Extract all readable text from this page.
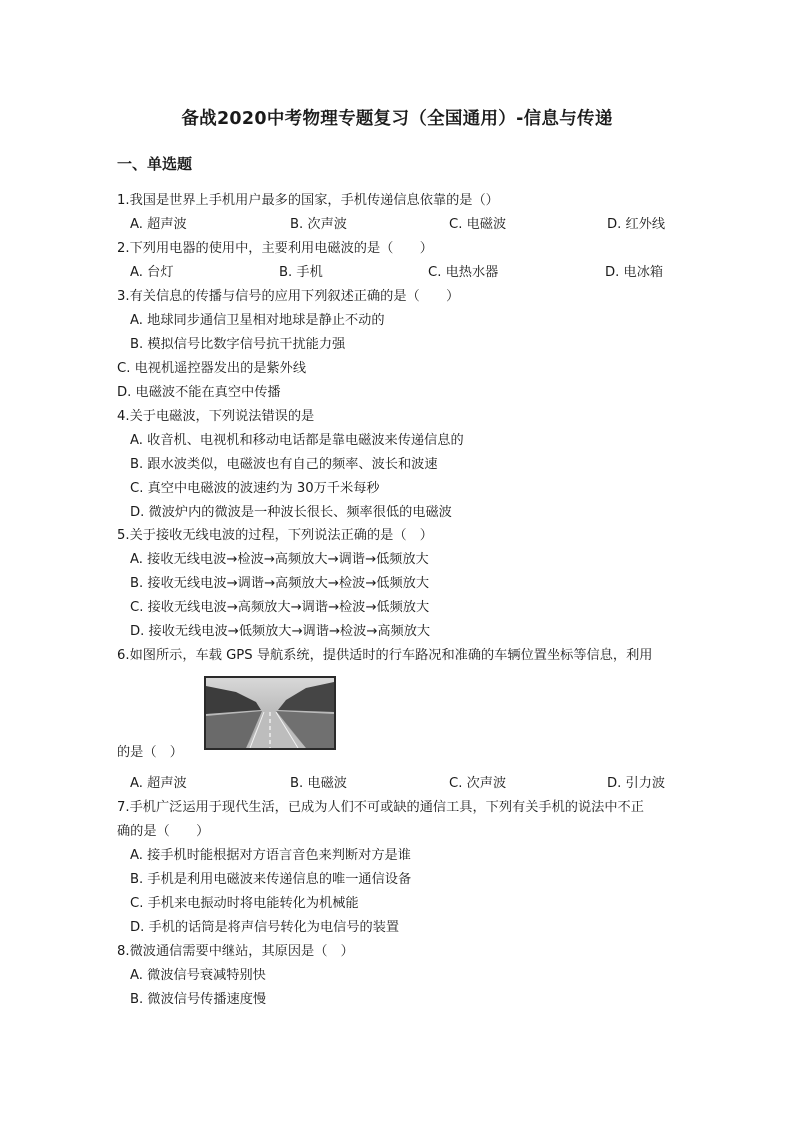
备战2020中考物理专题复习（全国通用）-信息与传递
一、单选题
1.我国是世界上手机用户最多的国家，手机传递信息依靠的是（）
A. 超声波	B. 次声波	C. 电磁波	D. 红外线
2.下列用电器的使用中，主要利用电磁波的是（　　）
A. 台灯	B. 手机	C. 电热水器	D. 电冰箱
3.有关信息的传播与信号的应用下列叙述正确的是（　　）
A. 地球同步通信卫星相对地球是静止不动的
B. 模拟信号比数字信号抗干扰能力强
C. 电视机遥控器发出的是紫外线
D. 电磁波不能在真空中传播
4.关于电磁波，下列说法错误的是
A. 收音机、电视机和移动电话都是靠电磁波来传递信息的
B. 跟水波类似，电磁波也有自己的频率、波长和波速
C. 真空中电磁波的波速约为 30万千米每秒
D. 微波炉内的微波是一种波长很长、频率很低的电磁波
5.关于接收无线电波的过程，下列说法正确的是（　）
A. 接收无线电波→检波→高频放大→调谐→低频放大
B. 接收无线电波→调谐→高频放大→检波→低频放大
C. 接收无线电波→高频放大→调谐→检波→低频放大
D. 接收无线电波→低频放大→调谐→检波→高频放大
6.如图所示，车载 GPS 导航系统，提供适时的行车路况和准确的车辆位置坐标等信息，利用
的是（　）
A. 超声波	B. 电磁波	C. 次声波	D. 引力波
7.手机广泛运用于现代生活，已成为人们不可或缺的通信工具，下列有关手机的说法中不正
确的是（　　）
A. 接手机时能根据对方语言音色来判断对方是谁
B. 手机是利用电磁波来传递信息的唯一通信设备
C. 手机来电振动时将电能转化为机械能
D. 手机的话筒是将声信号转化为电信号的装置
8.微波通信需要中继站，其原因是（　）
A. 微波信号衰减特别快
B. 微波信号传播速度慢
